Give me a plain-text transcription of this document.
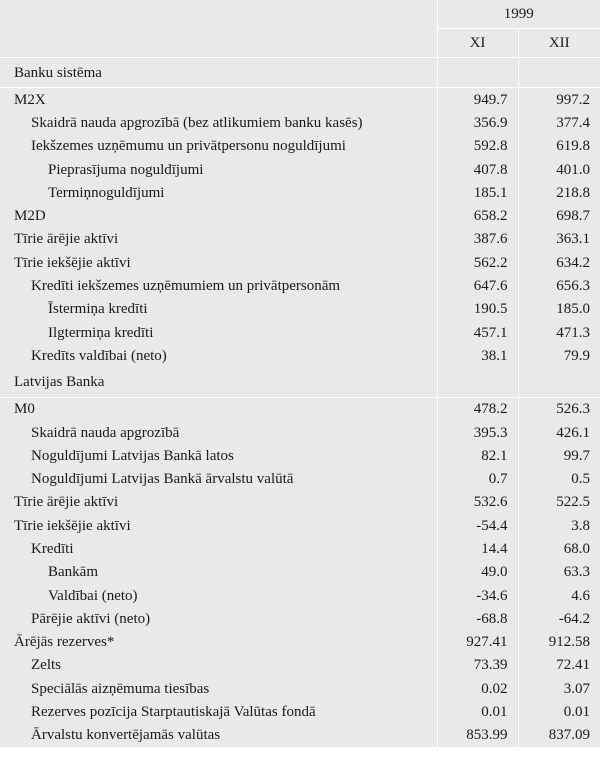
	1999	
	XI	XII
Banku sistēma		
M2X	949.7	997.2
Skaidrā nauda apgrozībā (bez atlikumiem banku kasēs)	356.9	377.4
Iekšzemes uzņēmumu un privātpersonu noguldījumi	592.8	619.8
Pieprasījuma noguldījumi	407.8	401.0
Termiņnoguldījumi	185.1	218.8
M2D	658.2	698.7
Tīrie ārējie aktīvi	387.6	363.1
Tīrie iekšējie aktīvi	562.2	634.2
Kredīti iekšzemes uzņēmumiem un privātpersonām	647.6	656.3
Īstermiņa kredīti	190.5	185.0
Ilgtermiņa kredīti	457.1	471.3
Kredīts valdībai (neto)	38.1	79.9
Latvijas Banka		
M0	478.2	526.3
Skaidrā nauda apgrozībā	395.3	426.1
Noguldījumi Latvijas Bankā latos	82.1	99.7
Noguldījumi Latvijas Bankā ārvalstu valūtā	0.7	0.5
Tīrie ārējie aktīvi	532.6	522.5
Tīrie iekšējie aktīvi	-54.4	3.8
Kredīti	14.4	68.0
Bankām	49.0	63.3
Valdībai (neto)	-34.6	4.6
Pārējie aktīvi (neto)	-68.8	-64.2
Ārējās rezerves*	927.41	912.58
Zelts	73.39	72.41
Speciālās aizņēmuma tiesības	0.02	3.07
Rezerves pozīcija Starptautiskajā Valūtas fondā	0.01	0.01
Ārvalstu konvertējamās valūtas	853.99	837.09
